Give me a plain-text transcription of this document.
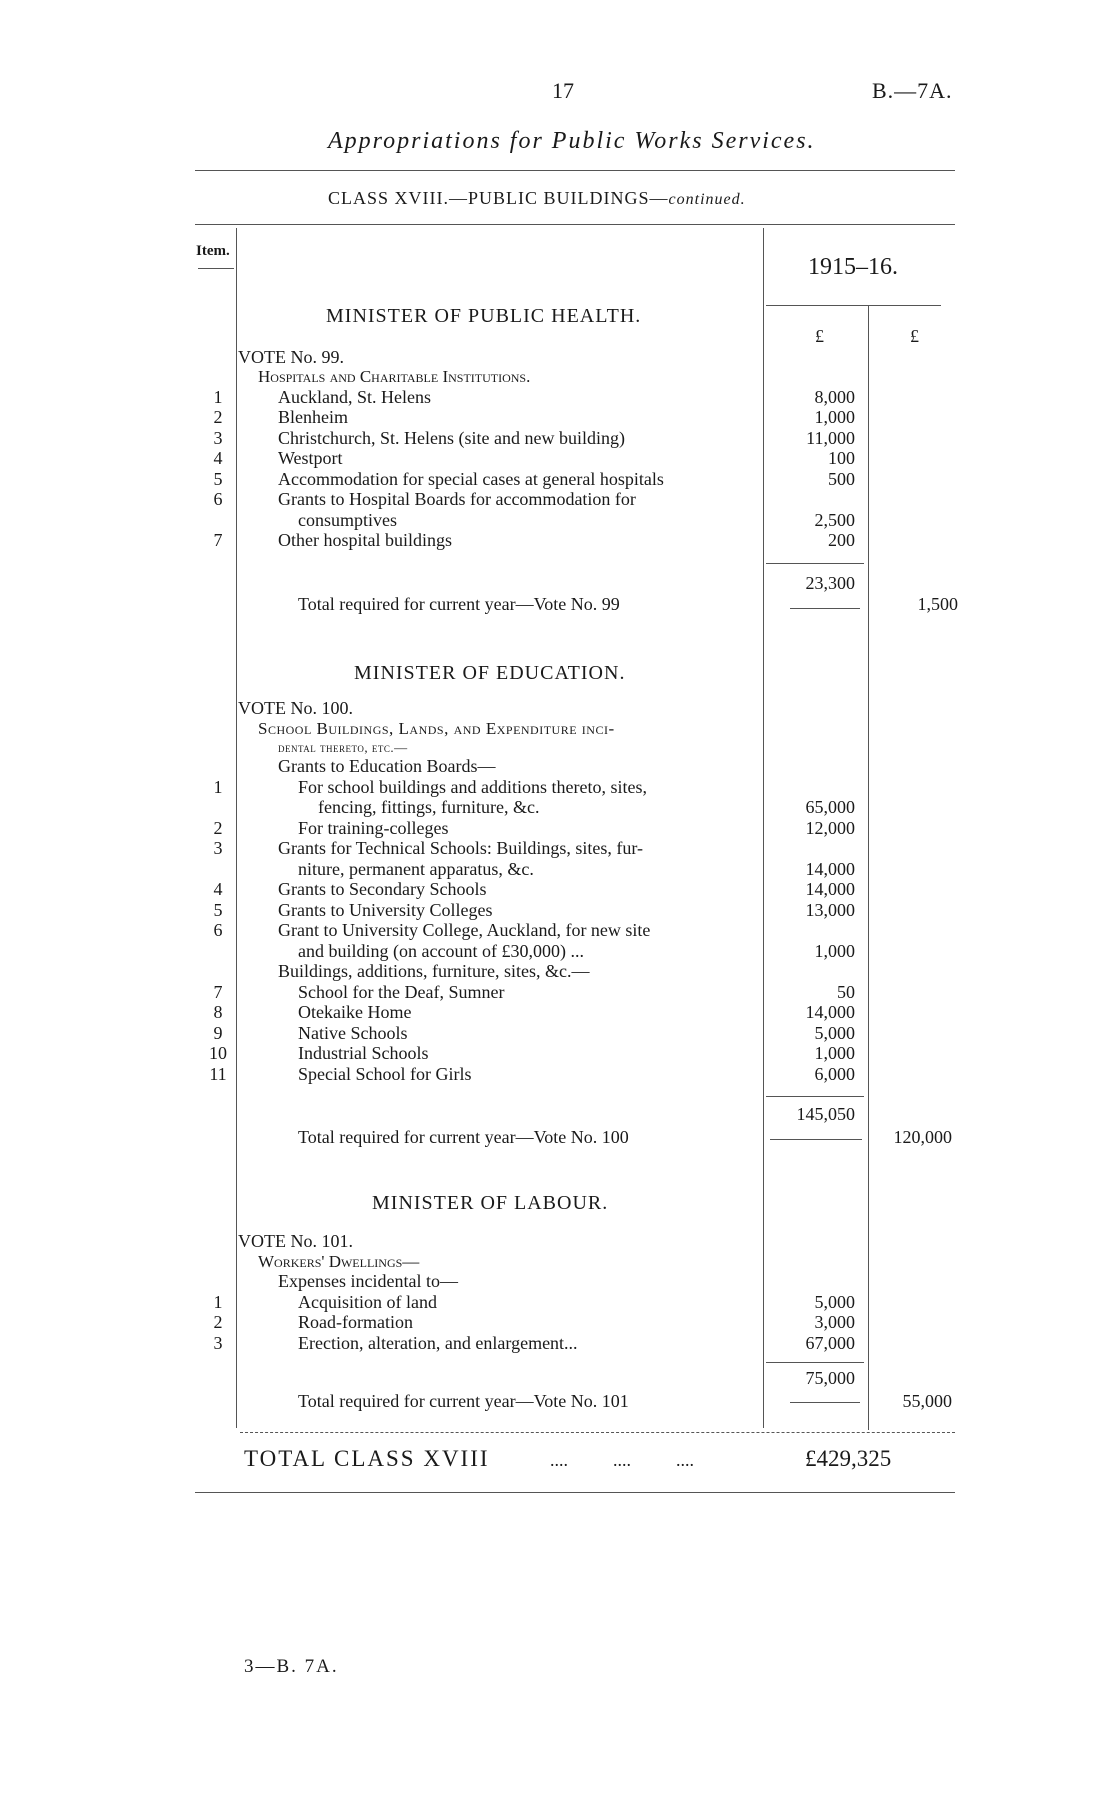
17	B.—7A.
Appropriations for Public Works Services.
CLASS XVIII.—PUBLIC BUILDINGS—continued.
Item.
1915–16.
£	£
MINISTER OF PUBLIC HEALTH.
VOTE No. 99.
Hospitals and Charitable Institutions.
1	Auckland, St. Helens	8,000
2	Blenheim	1,000
3	Christchurch, St. Helens (site and new building)	11,000
4	Westport	100
5	Accommodation for special cases at general hospitals	500
6	Grants to Hospital Boards for accommodation for
consumptives	2,500
7	Other hospital buildings	200
23,300
Total required for current year—Vote No. 99	1,500
MINISTER OF EDUCATION.
VOTE No. 100.
School Buildings, Lands, and Expenditure inci-
dental thereto, etc.—
Grants to Education Boards—
1	For school buildings and additions thereto, sites,
fencing, fittings, furniture, &c.	65,000
2	For training-colleges	12,000
3	Grants for Technical Schools: Buildings, sites, fur-
niture, permanent apparatus, &c.	14,000
4	Grants to Secondary Schools	14,000
5	Grants to University Colleges	13,000
6	Grant to University College, Auckland, for new site
and building (on account of £30,000) ...	1,000
Buildings, additions, furniture, sites, &c.—
7	School for the Deaf, Sumner	50
8	Otekaike Home	14,000
9	Native Schools	5,000
10	Industrial Schools	1,000
11	Special School for Girls	6,000
145,050
Total required for current year—Vote No. 100	120,000
MINISTER OF LABOUR.
VOTE No. 101.
Workers' Dwellings—
Expenses incidental to—
1	Acquisition of land	5,000
2	Road-formation	3,000
3	Erection, alteration, and enlargement...	67,000
75,000
Total required for current year—Vote No. 101	55,000
TOTAL CLASS XVIII	....          ....          ....	£429,325
3—B. 7A.
